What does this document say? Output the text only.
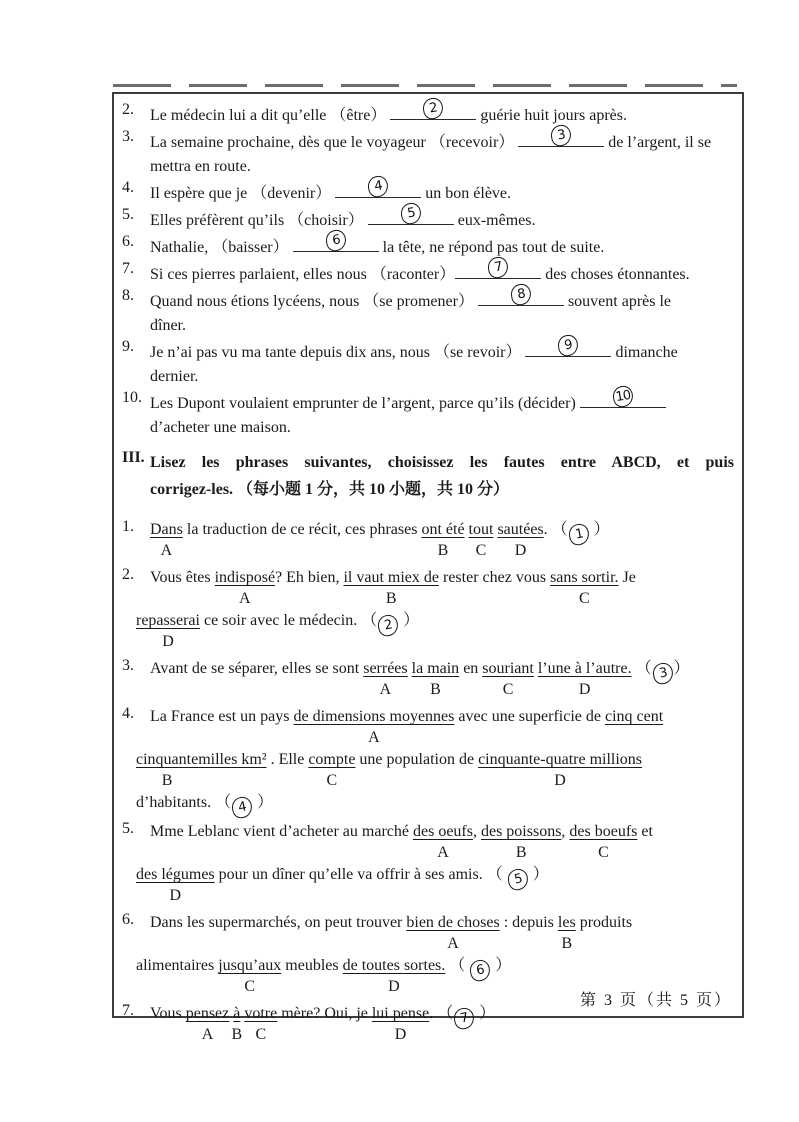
2. Le médecin lui a dit qu’elle （être）	2	guérie huit jours après.
3. La semaine prochaine, dès que le voyageur （recevoir）	3	de l’argent, il se
mettra en route.
4. Il espère que je （devenir）	4	un bon élève.
5. Elles préfèrent qu’ils （choisir）	5	eux-mêmes.
6. Nathalie, （baisser）	6	la tête, ne répond pas tout de suite.
7. Si ces pierres parlaient, elles nous （raconter）	7	des choses étonnantes.
8. Quand nous étions lycéens, nous （se promener）	8	souvent après le
dîner.
9. Je n’ai pas vu ma tante depuis dix ans, nous （se revoir）	9	dimanche
dernier.
10. Les Dupont voulaient emprunter de l’argent, parce qu’ils (décider)	10
d’acheter une maison.
III. Lisez les phrases suivantes, choisissez les fautes entre ABCD, et puis
corrigez-les. （每小题 1 分，共 10 小题，共 10 分）
1. Dans
A
la traduction de ce récit, ces phrases ont été
B
tout
C
sautées
D
. （ 1 ）
2. Vous êtes indisposé
A
? Eh bien, il vaut miex de
B
rester chez vous sans sortir.
C
Je
repasserai
D
ce soir avec le médecin. （ 2 ）
3. Avant de se séparer, elles se sont serrées
A
la main
B
en souriant
C
l’une à l’autre.
D
（ 3 ）
4. La France est un pays de dimensions moyennes
A
avec une superficie de cinq cent
cinquante
B
milles km² . Elle compte
C
une population de cinquante-quatre millions
D
d’habitants. （ 4 ）
5. Mme Leblanc vient d’acheter au marché des oeufs
A
, des poissons
B
, des boeufs
C
et
des légumes
D
pour un dîner qu’elle va offrir à ses amis. （ 5 ）
6. Dans les supermarchés, on peut trouver bien de choses
A
: depuis les
B
produits
alimentaires jusqu’aux
C
meubles de toutes sortes.
D
（ 6 ）
7. Vous pensez
A
à
B
votre
C
mère? Oui, je lui pense
D
. （ 7 ）
第 3 页（共 5 页）
